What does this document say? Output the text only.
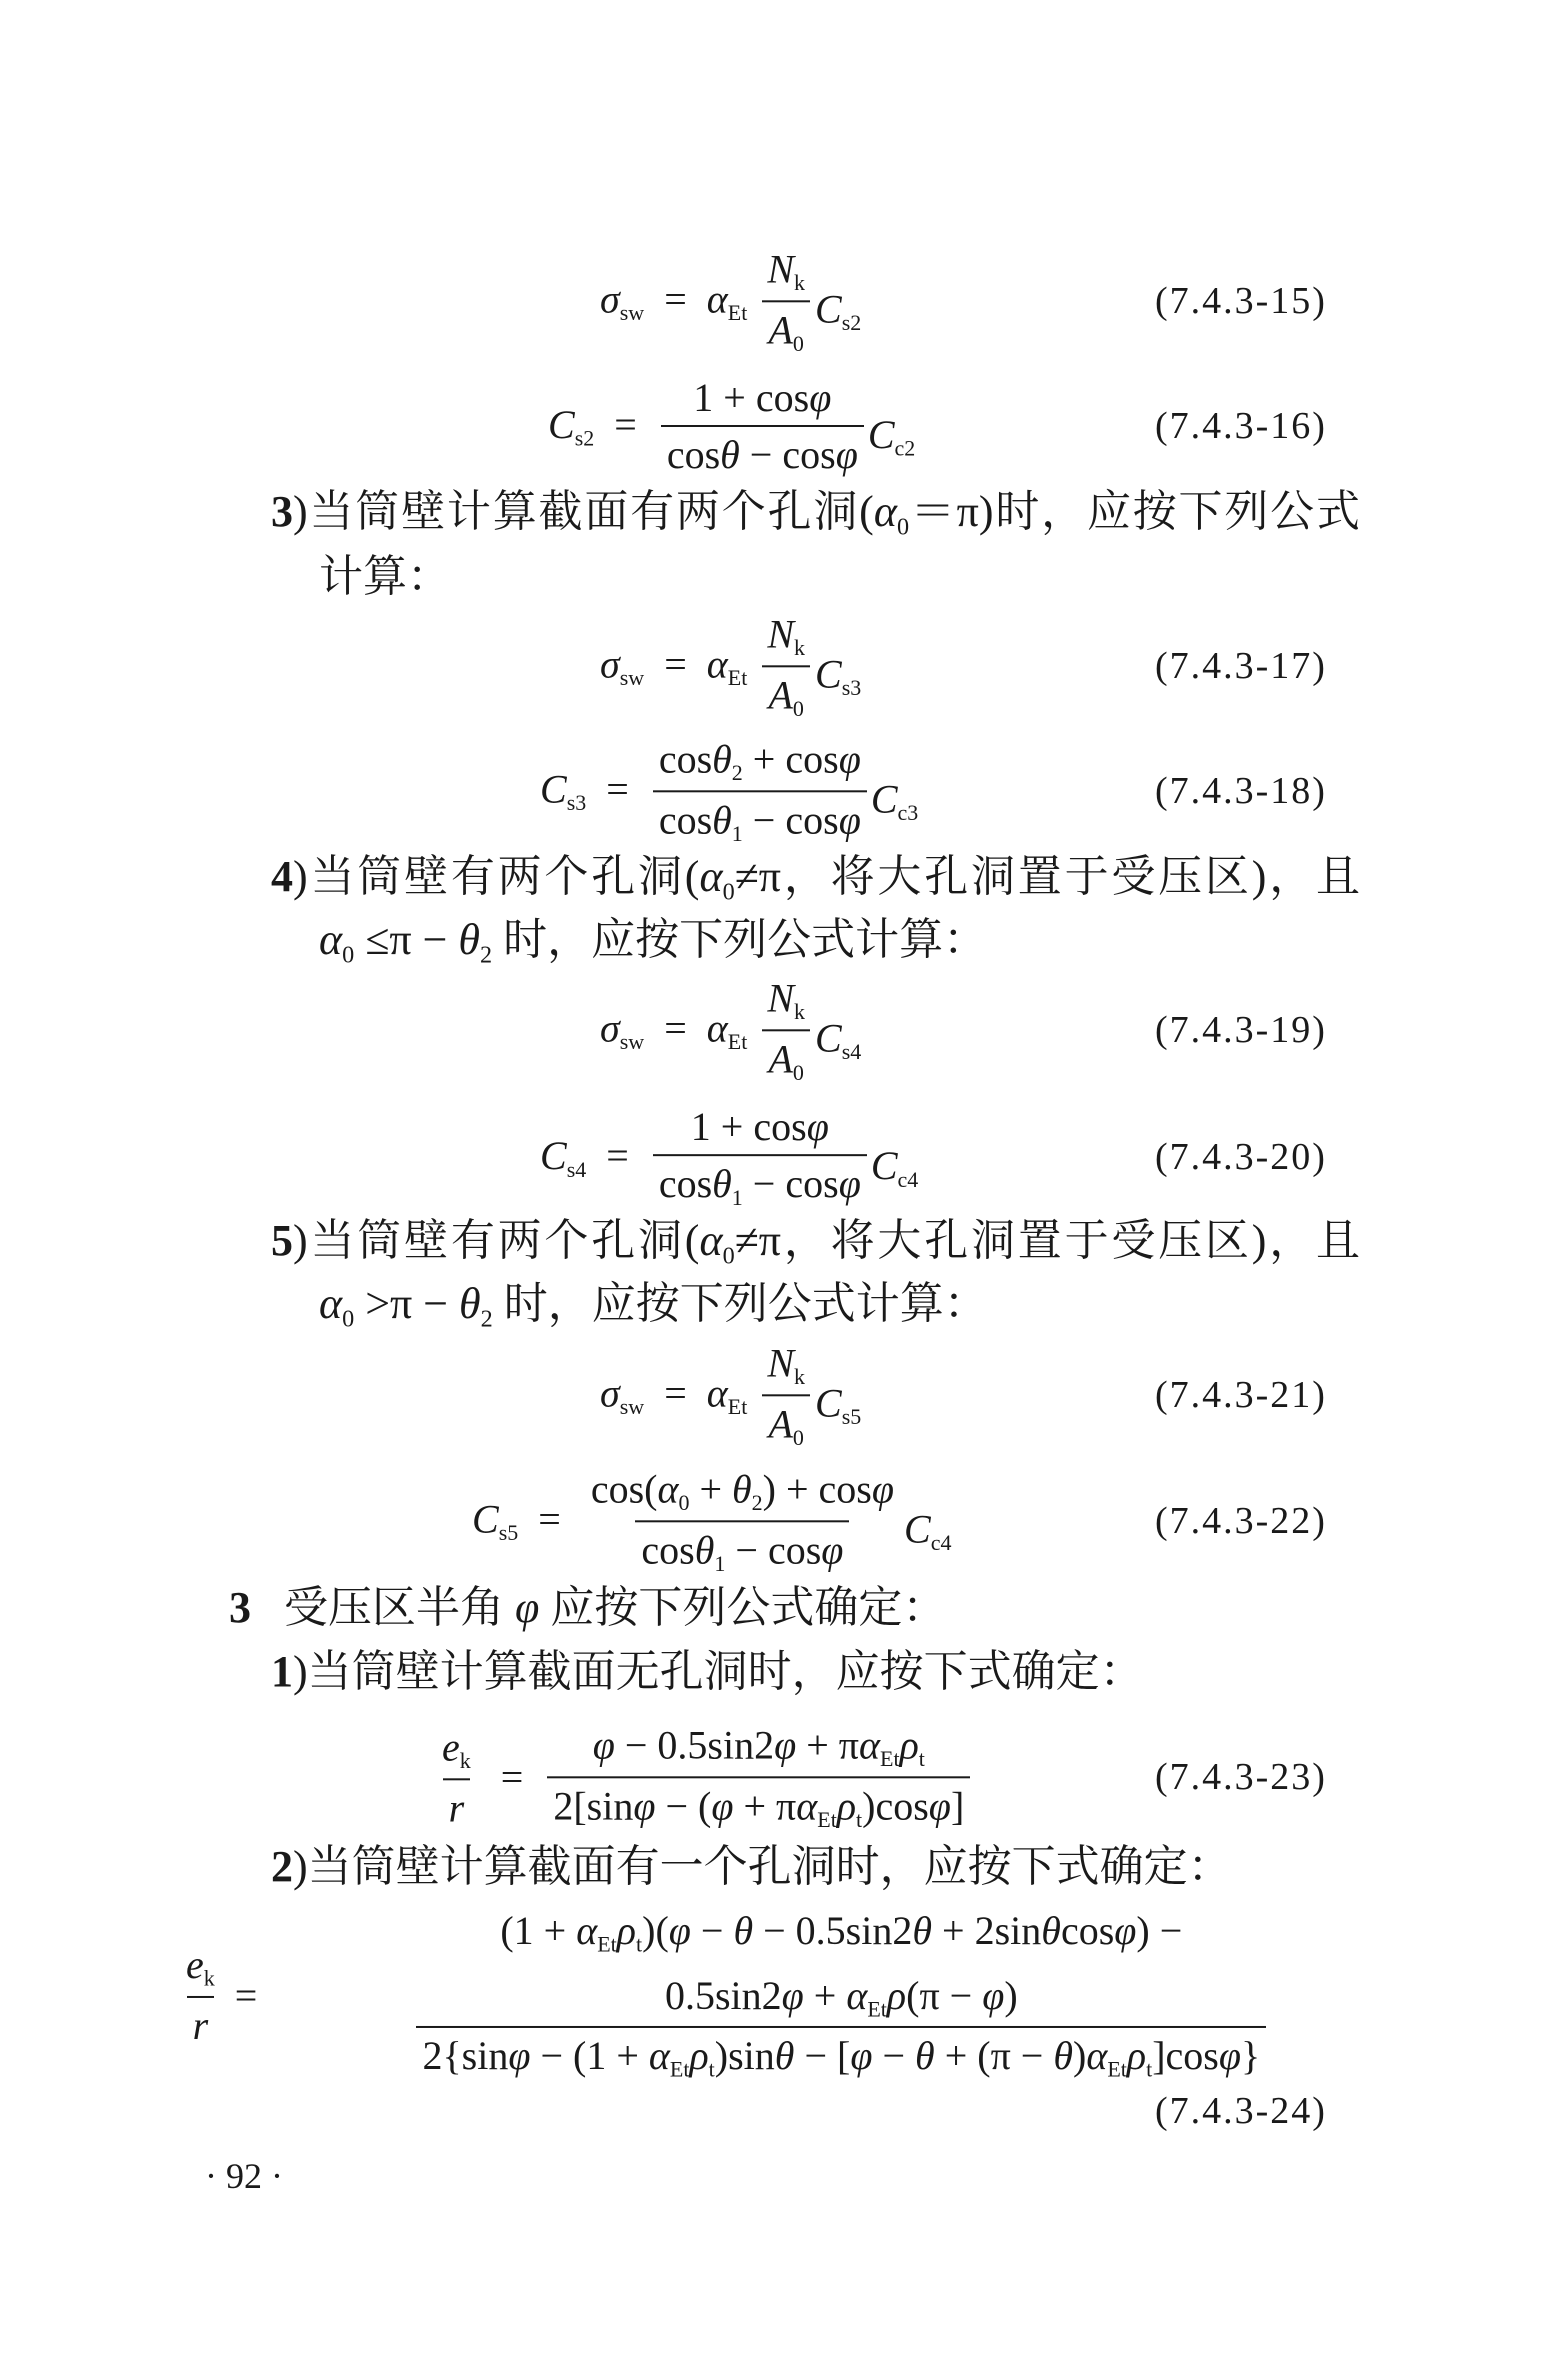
3)当筒壁计算截面有两个孔洞(α0＝π)时，应按下列公式
计算：
4)当筒壁有两个孔洞(α0≠π，将大孔洞置于受压区)，且
α0 ≤π − θ2 时，应按下列公式计算：
5)当筒壁有两个孔洞(α0≠π，将大孔洞置于受压区)，且
α0 >π − θ2 时，应按下列公式计算：
3   受压区半角 φ 应按下列公式确定：
1)当筒壁计算截面无孔洞时，应按下式确定：
2)当筒壁计算截面有一个孔洞时，应按下式确定：
σsw  =  αEt $\frac{Nk}{A0} Cs2$
$Cs2 = \frac{1 + \cos\varphi}{\cos\theta - \cos\varphi} Cc2$
σsw  =  αEt $\frac{Nk}{A0} Cs3$
$Cs3 = \frac{\cos\theta 2 + \cos\varphi}{\cos\theta 1 - \cos\varphi} Cc3$
σsw  =  αEt $\frac{Nk}{A0} Cs4$
$Cs4 = \frac{1 + \cos\varphi}{\cos\theta 1 - \cos\varphi} Cc4$
σsw  =  αEt $\frac{Nk}{A0} Cs5$
$Cs5 = \frac{\cos(\alpha 0 + \theta 2) + \cos\varphi}{\cos\theta 1 - \cos\varphi} Cc4$
$\frac{ek}{r} = \frac{\text{φ − 0.5sin2φ + παEtρt}}{\text{2[sinφ − (φ + παEtρt)cosφ]}}$
$\frac{ek}{r}$ =
(1 + αEtρt)(φ − θ − 0.5sin2θ + 2sinθcosφ) −
0.5sin2φ + αEtρ(π − φ)
2{sinφ − (1 + αEtρt)sinθ − [φ − θ + (π − θ)αEtρt]cosφ}
(7.4.3-15)
(7.4.3-16)
(7.4.3-17)
(7.4.3-18)
(7.4.3-19)
(7.4.3-20)
(7.4.3-21)
(7.4.3-22)
(7.4.3-23)
(7.4.3-24)
· 92 ·
